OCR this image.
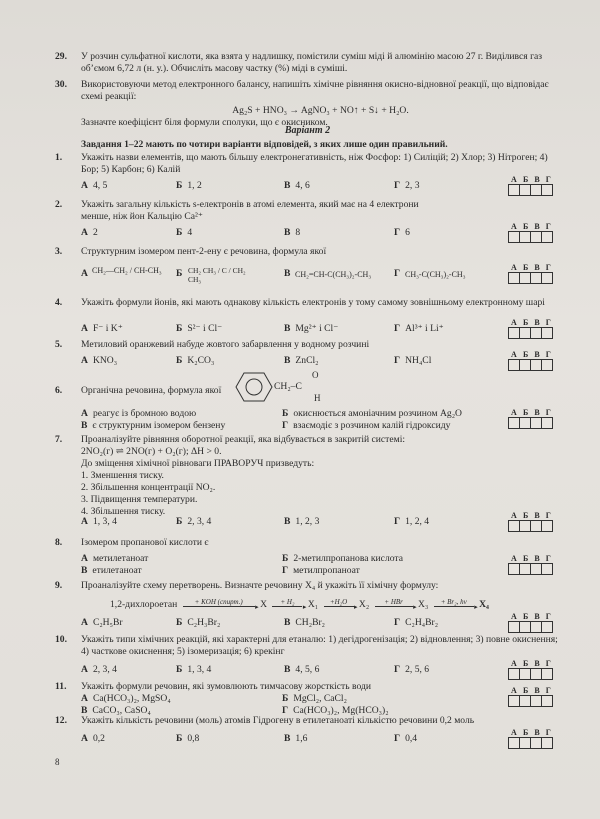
29.	У розчин сульфатної кислоти, яка взята у надлишку, помістили суміш міді й алюмінію масою 27 г. Виділився газ об’ємом 6,72 л (н. у.). Обчисліть масову частку (%) міді в суміші.
30.	Використовуючи метод електронного балансу, напишіть хімічне рівняння окисно-відновної реакції, що відповідає схемі реакції:
Ag₂S + HNO₃ → AgNO₃ + NO↑ + S↓ + H₂O.
Зазначте коефіцієнт біля формули сполуки, що є окисником.
Варіант 2
Завдання 1–22 мають по чотири варіанти відповідей, з яких лише один правильний.
1.	Укажіть назви елементів, що мають більшу електронегативність, ніж Фосфор: 1) Силіцій; 2) Хлор; 3) Нітроген; 4) Бор; 5) Карбон; 6) Калій
А 4, 5	Б 1, 2	В 4, 6	Г 2, 3
А Б В Г
2.	Укажіть загальну кількість s-електронів в атомі елемента, який має на 4 електрони менше, ніж йон Кальцію Ca²⁺
А 2	Б 4	В 8	Г 6
А Б В Г
3.	Структурним ізомером пент-2-ену є речовина, формула якої
А CH₂—CH₂ / CH-CH₃ Б CH₂ CH₃ / C / CH₂ CH₃
В CH₂=CH-C(CH₃)₂-CH₃ Г CH₃-C(CH₃)₂-CH₃
А Б В Г
4.	Укажіть формули йонів, які мають однакову кількість електронів у тому самому зовнішньому електронному шарі
А F⁻ і K⁺	Б S²⁻ і Cl⁻	В Mg²⁺ і Cl⁻	Г Al³⁺ і Li⁺
А Б В Г
5.	Метиловий оранжевий набуде жовтого забарвлення у водному розчині
А KNO₃	Б K₂CO₃	В ZnCl₂	Г NH₄Cl
А Б В Г
6.	Органічна речовина, формула якої	CH₂–C
O
H
А реагує із бромною водою	Б окиснюється амоніачним розчином Ag₂O
В є структурним ізомером бензену	Г взаємодіє з розчином калій гідроксиду
А Б В Г
7.	Проаналізуйте рівняння оборотної реакції, яка відбувається в закритій системі:
2NO₂(г) ⇌ 2NO(г) + O₂(г); ΔH > 0.
До зміщення хімічної рівноваги ПРАВОРУЧ призведуть:
1. Зменшення тиску.
2. Збільшення концентрації NO₂.
3. Підвищення температури.
4. Збільшення тиску.
А 1, 3, 4	Б 2, 3, 4	В 1, 2, 3	Г 1, 2, 4
А Б В Г
8.	Ізомером пропанової кислоти є
А метилетаноат	Б 2-метилпропанова кислота
В етилетаноат	Г метилпропаноат
А Б В Г
9.	Проаналізуйте схему перетворень. Визначте речовину X₄ й укажіть її хімічну формулу:
1,2-дихлороетан + KOH (спирт.) ▸ X + H₂ ▸ X₁ +H₂O ▸ X₂ + HBr ▸ X₃ + Br₂, hν ▸ X₄
А C₂H₅Br	Б C₂H₃Br₂	В CH₂Br₂	Г C₂H₄Br₂
А Б В Г
10.	Укажіть типи хімічних реакцій, які характерні для етаналю: 1) дегідрогенізація; 2) відновлення; 3) повне окиснення; 4) часткове окиснення; 5) ізомеризація; 6) крекінг
А 2, 3, 4	Б 1, 3, 4	В 4, 5, 6	Г 2, 5, 6
А Б В Г
11.	Укажіть формули речовин, які зумовлюють тимчасову жорсткість води
А Ca(HCO₃)₂, MgSO₄	Б MgCl₂, CaCl₂
В CaCO₃, CaSO₄	Г Ca(HCO₃)₂, Mg(HCO₃)₂
А Б В Г
12.	Укажіть кількість речовини (моль) атомів Гідрогену в етилетаноаті кількістю речовини 0,2 моль
А 0,2	Б 0,8	В 1,6	Г 0,4
А Б В Г
8
